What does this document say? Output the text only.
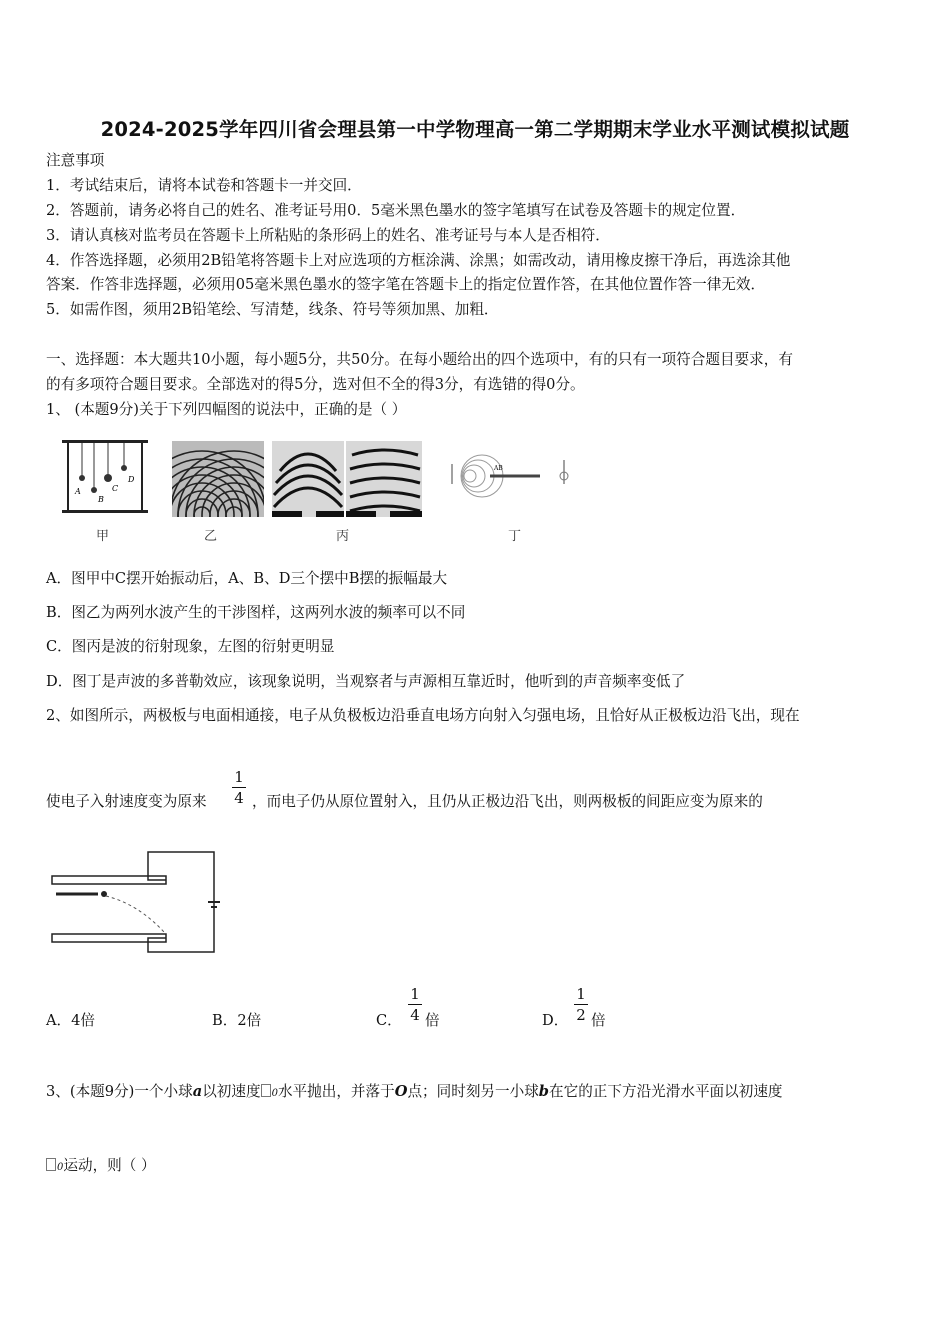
2024-2025学年四川省会理县第一中学物理高一第二学期期末学业水平测试模拟试题
注意事项
1．考试结束后，请将本试卷和答题卡一并交回．
2．答题前，请务必将自己的姓名、准考证号用0．5毫米黑色墨水的签字笔填写在试卷及答题卡的规定位置．
3．请认真核对监考员在答题卡上所粘贴的条形码上的姓名、准考证号与本人是否相符．
4．作答选择题，必须用2B铅笔将答题卡上对应选项的方框涂满、涂黑；如需改动，请用橡皮擦干净后，再选涂其他
答案．作答非选择题，必须用05毫米黑色墨水的签字笔在答题卡上的指定位置作答，在其他位置作答一律无效．
5．如需作图，须用2B铅笔绘、写清楚，线条、符号等须加黑、加粗．
一、选择题：本大题共10小题，每小题5分，共50分。在每小题给出的四个选项中，有的只有一项符合题目要求，有
的有多项符合题目要求。全部选对的得5分，选对但不全的得3分，有选错的得0分。
1、 (本题9分)关于下列四幅图的说法中，正确的是（ ）
A
B
C
D
AB
甲	乙	丙	丁
A．图甲中C摆开始振动后，A、B、D三个摆中B摆的振幅最大
B．图乙为两列水波产生的干涉图样，这两列水波的频率可以不同
C．图丙是波的衍射现象，左图的衍射更明显
D．图丁是声波的多普勒效应，该现象说明，当观察者与声源相互靠近时，他听到的声音频率变低了
2、如图所示，两极板与电面相通接，电子从负极板边沿垂直电场方向射入匀强电场，且恰好从正极板边沿飞出，现在
使电子入射速度变为原来
1
4 ，而电子仍从原位置射入，且仍从正极边沿飞出，则两极板的间距应变为原来的
A．4倍	B．2倍	C．
1
4 倍	D．
1
2 倍
3、(本题9分)一个小球a以初速度 0水平抛出，并落于O点；同时刻另一小球b在它的正下方沿光滑水平面以初速度
0运动，则（ ）
